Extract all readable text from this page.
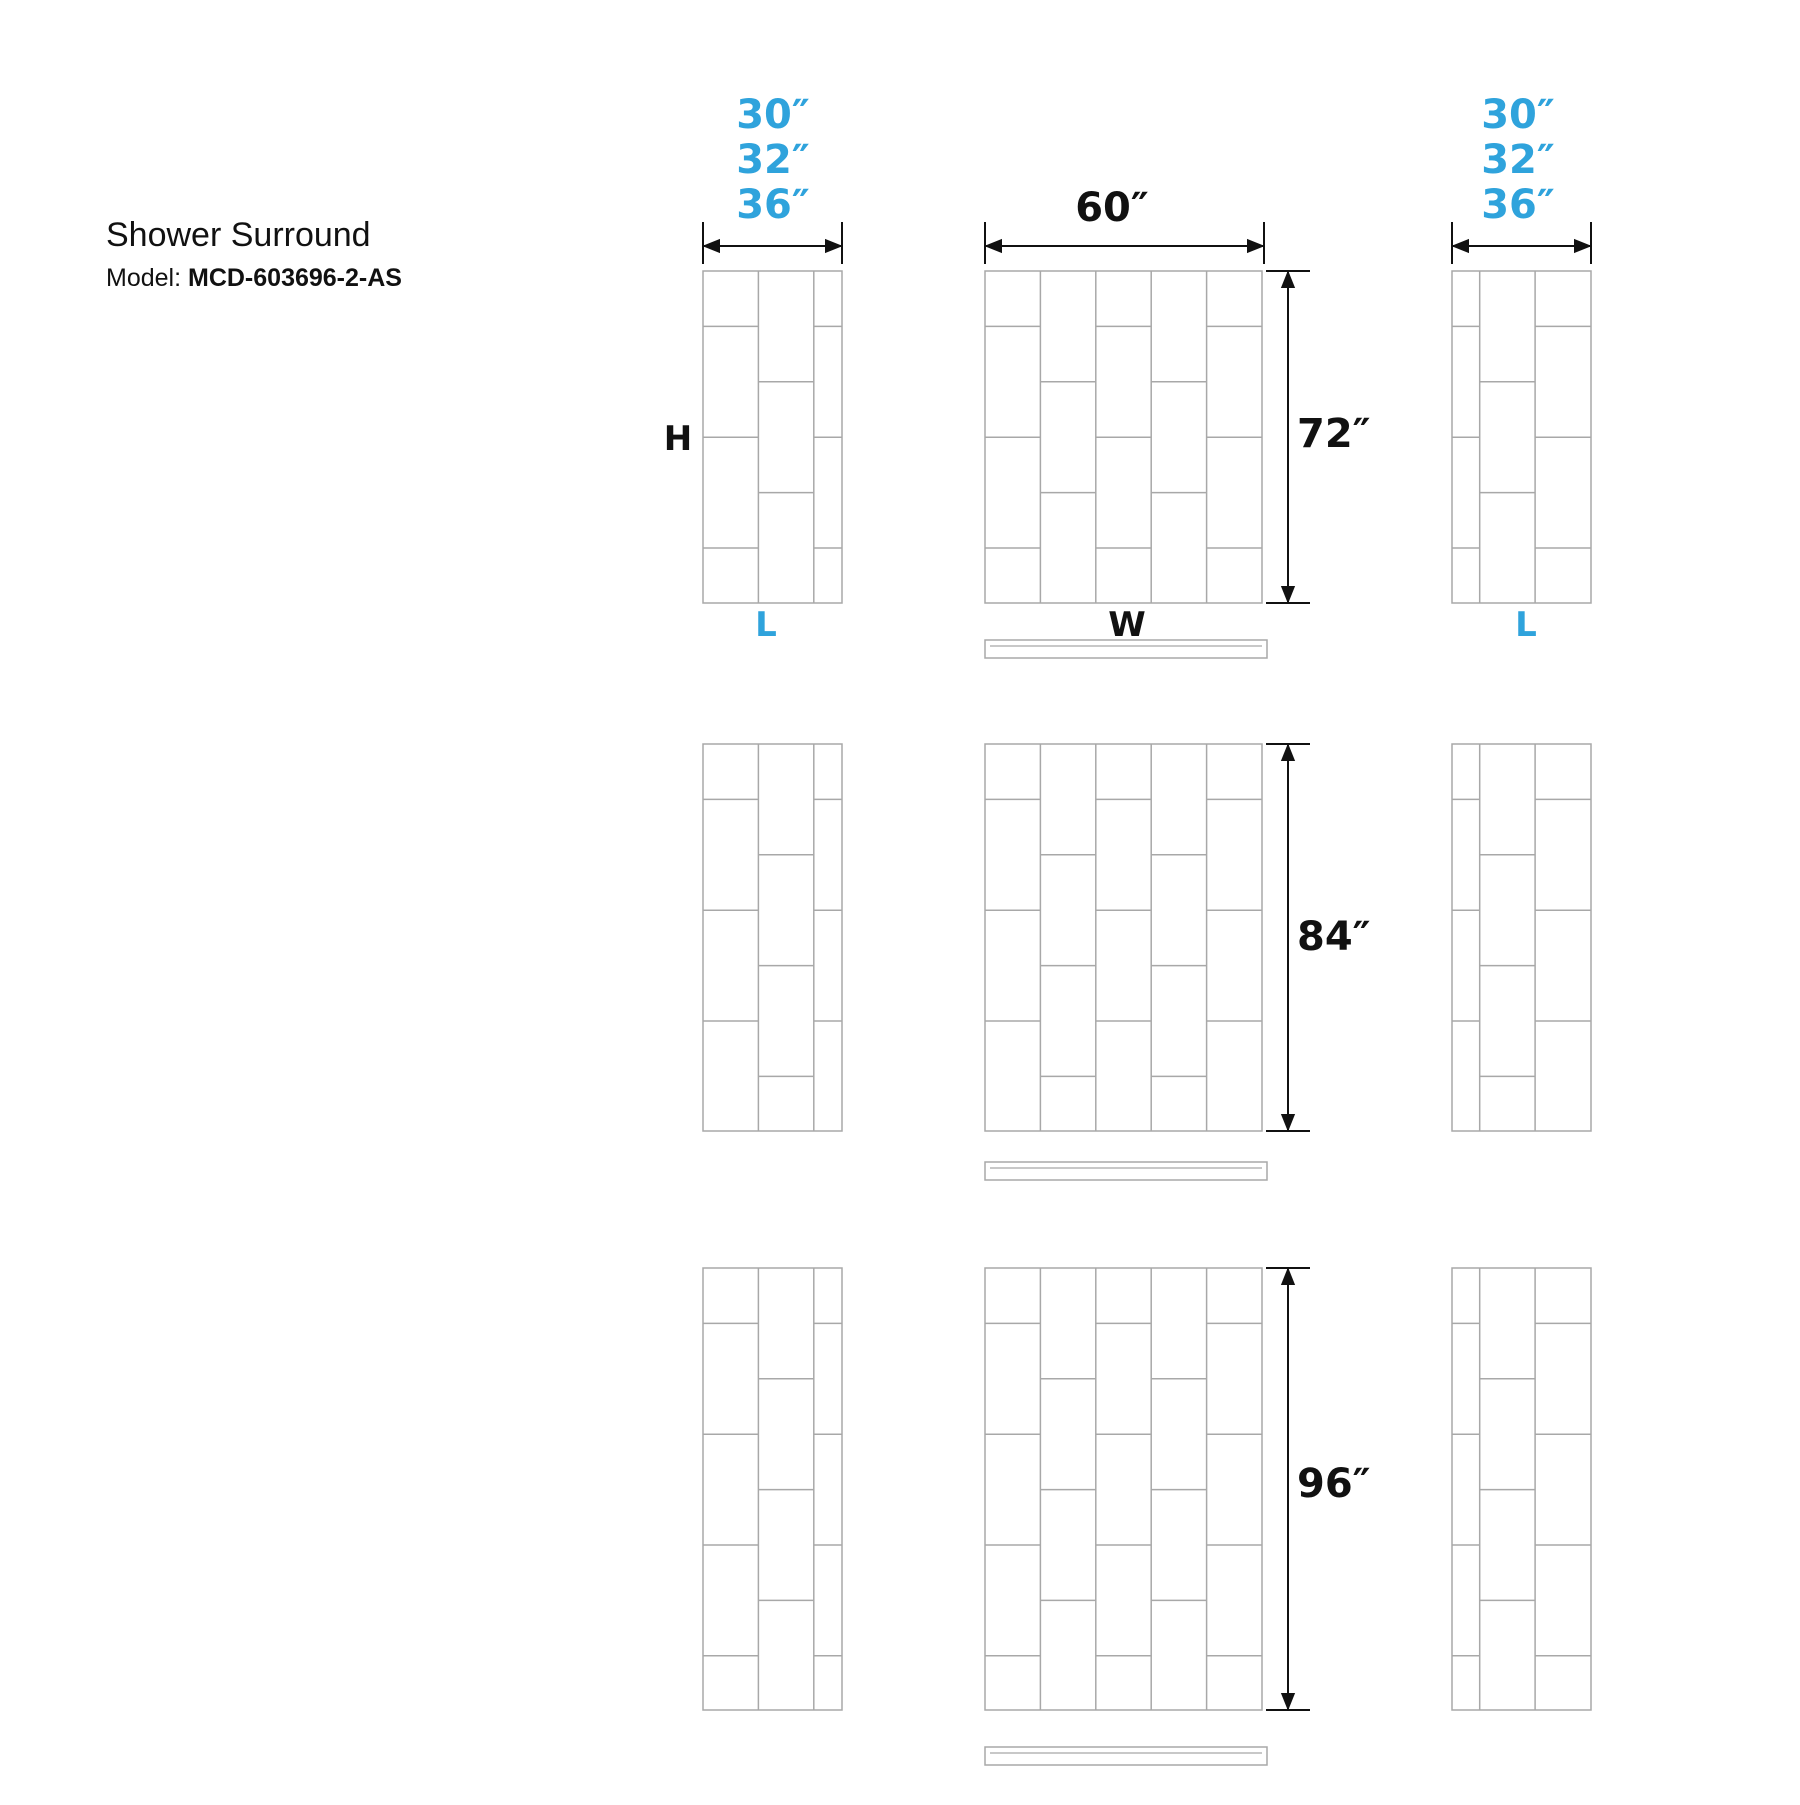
Shower Surround
Model: MCD-603696-2-AS
30″
32″
36″
30″
32″
36″
60″
H
L	W	L
72″
84″
96″
